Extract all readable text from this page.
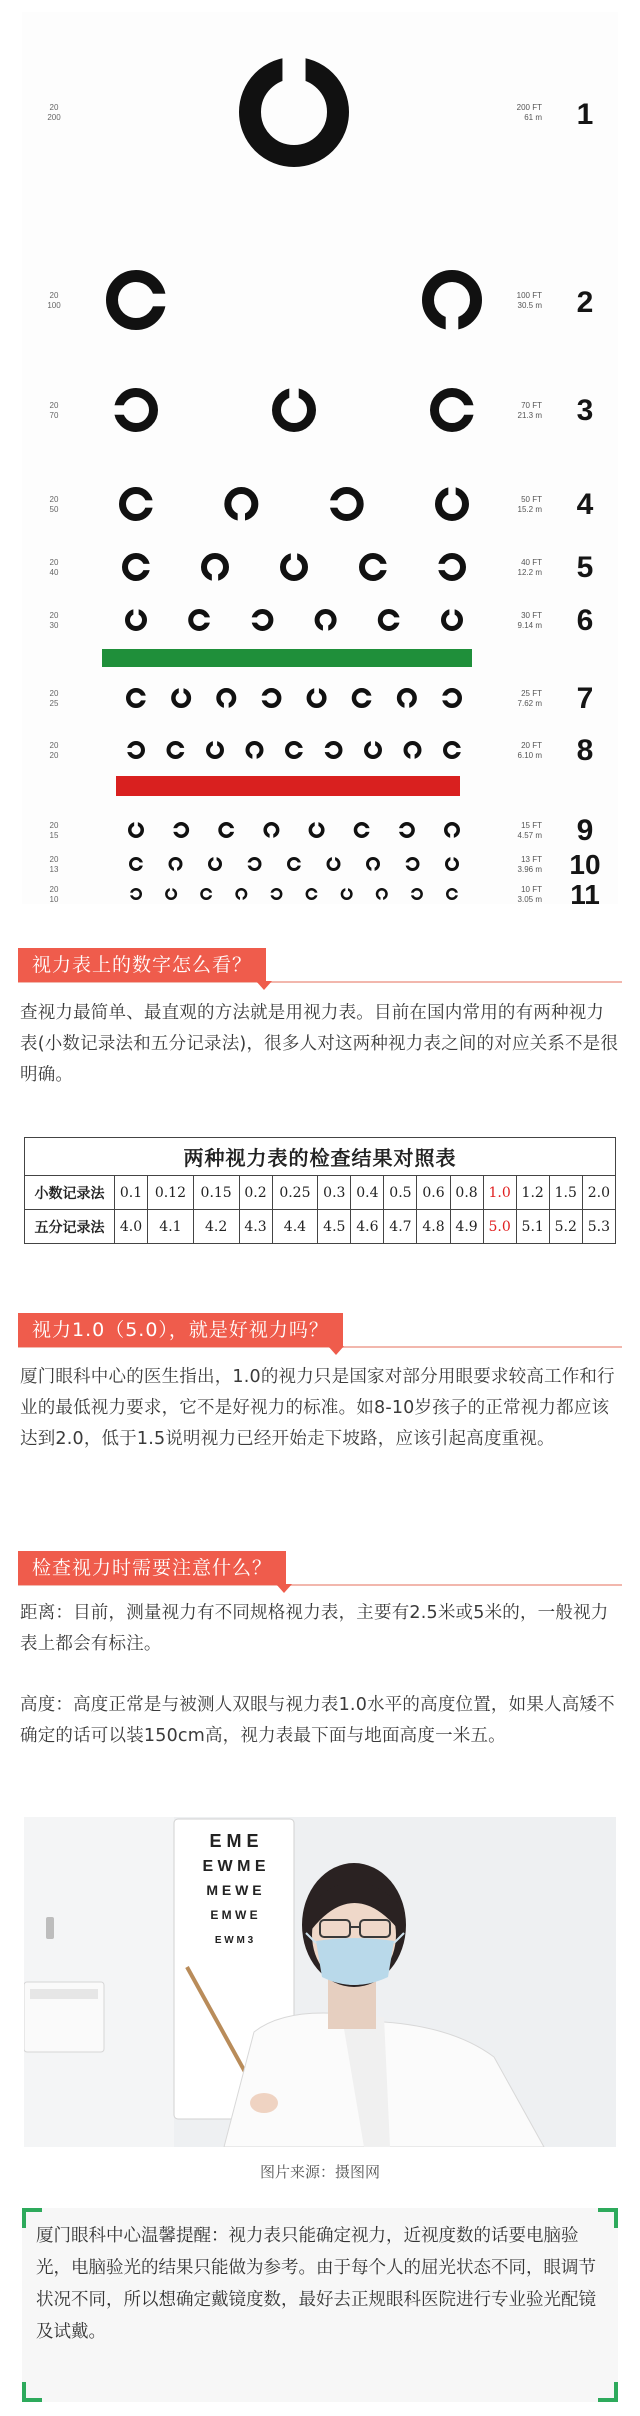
20 200
200 FT 61 m 1
20 100
100 FT 30.5 m 2
20 70
70 FT 21.3 m 3
20 50
50 FT 15.2 m 4
20 40
40 FT 12.2 m 5
20 30
30 FT 9.14 m 6
20 25
25 FT 7.62 m 7
20 20
20 FT 6.10 m 8
20 15
15 FT 4.57 m 9
20 13
13 FT 3.96 m 10
20 10
10 FT 3.05 m 11
视力表上的数字怎么看？
查视力最简单、最直观的方法就是用视力表。目前在国内常用的有两种视力表(小数记录法和五分记录法)，很多人对这两种视力表之间的对应关系不是很明确。
两种视力表的检查结果对照表														
小数记录法	0.1	0.12	0.15	0.2	0.25	0.3	0.4	0.5	0.6	0.8	1.0	1.2	1.5	2.0
五分记录法	4.0	4.1	4.2	4.3	4.4	4.5	4.6	4.7	4.8	4.9	5.0	5.1	5.2	5.3
视力1.0（5.0），就是好视力吗？
厦门眼科中心的医生指出，1.0的视力只是国家对部分用眼要求较高工作和行业的最低视力要求，它不是好视力的标准。如8-10岁孩子的正常视力都应该达到2.0，低于1.5说明视力已经开始走下坡路，应该引起高度重视。
检查视力时需要注意什么？
距离：目前，测量视力有不同规格视力表，主要有2.5米或5米的，一般视力表上都会有标注。
高度：高度正常是与被测人双眼与视力表1.0水平的高度位置，如果人高矮不确定的话可以装150cm高，视力表最下面与地面高度一米五。
E M E
E W M E
M E W E
E M W E
E W M 3
图片来源：摄图网
厦门眼科中心温馨提醒：视力表只能确定视力，近视度数的话要电脑验光，电脑验光的结果只能做为参考。由于每个人的屈光状态不同，眼调节状况不同，所以想确定戴镜度数，最好去正规眼科医院进行专业验光配镜及试戴。
